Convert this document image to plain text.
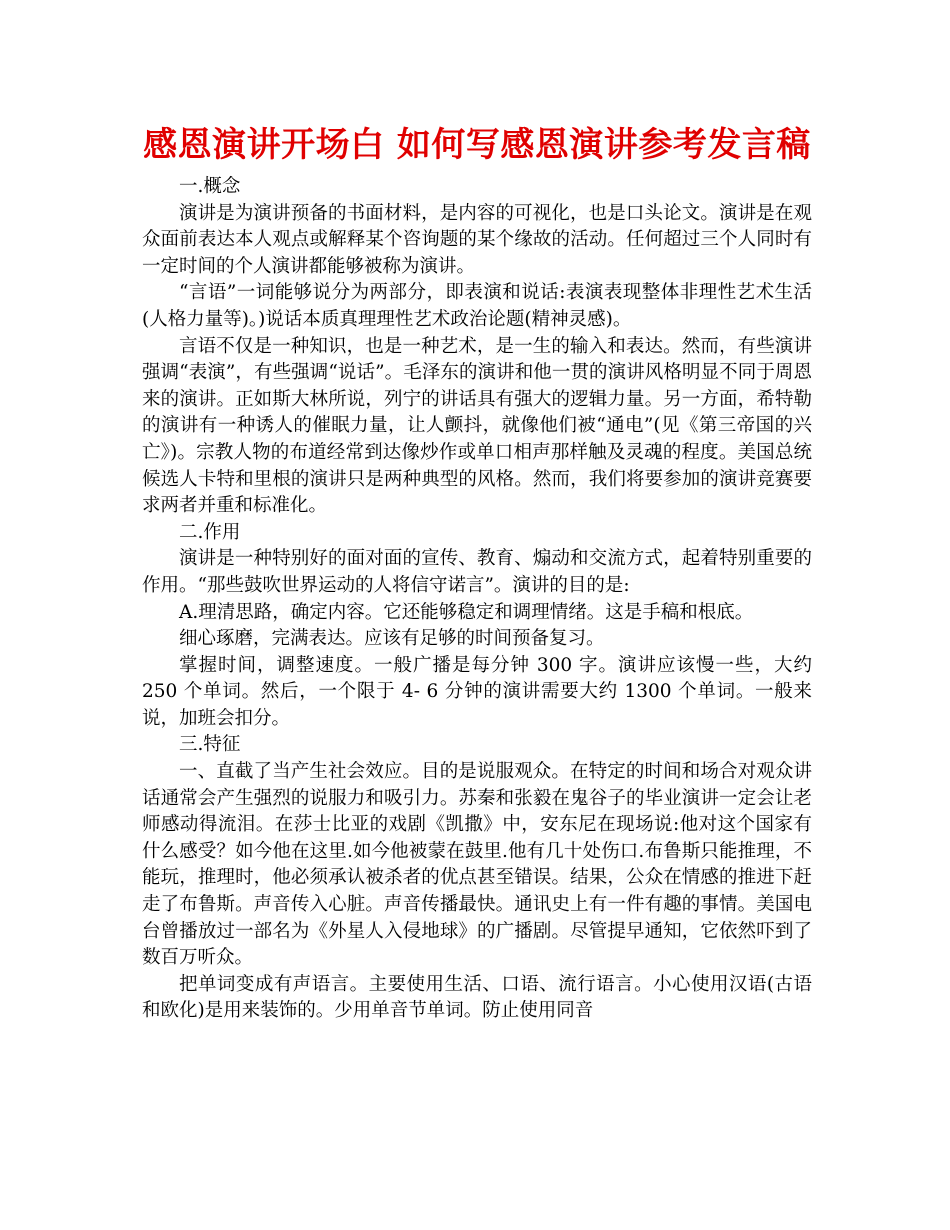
感恩演讲开场白 如何写感恩演讲参考发言稿

一.概念

演讲是为演讲预备的书面材料，是内容的可视化，也是口头论文。演讲是在观众面前表达本人观点或解释某个咨询题的某个缘故的活动。任何超过三个人同时有一定时间的个人演讲都能够被称为演讲。

“言语”一词能够说分为两部分，即表演和说话:表演表现整体非理性艺术生活(人格力量等)。)说话本质真理理性艺术政治论题(精神灵感)。

言语不仅是一种知识，也是一种艺术，是一生的输入和表达。然而，有些演讲强调“表演”，有些强调“说话”。毛泽东的演讲和他一贯的演讲风格明显不同于周恩来的演讲。正如斯大林所说，列宁的讲话具有强大的逻辑力量。另一方面，希特勒的演讲有一种诱人的催眠力量，让人颤抖，就像他们被“通电”(见《第三帝国的兴亡》)。宗教人物的布道经常到达像炒作或单口相声那样触及灵魂的程度。美国总统候选人卡特和里根的演讲只是两种典型的风格。然而，我们将要参加的演讲竞赛要求两者并重和标准化。

二.作用

演讲是一种特别好的面对面的宣传、教育、煽动和交流方式，起着特别重要的作用。“那些鼓吹世界运动的人将信守诺言”。演讲的目的是:

A.理清思路，确定内容。它还能够稳定和调理情绪。这是手稿和根底。

细心琢磨，完满表达。应该有足够的时间预备复习。

掌握时间，调整速度。一般广播是每分钟 300 字。演讲应该慢一些，大约 250 个单词。然后，一个限于 4- 6 分钟的演讲需要大约 1300 个单词。一般来说，加班会扣分。

三.特征

一、直截了当产生社会效应。目的是说服观众。在特定的时间和场合对观众讲话通常会产生强烈的说服力和吸引力。苏秦和张毅在鬼谷子的毕业演讲一定会让老师感动得流泪。在莎士比亚的戏剧《凯撒》中，安东尼在现场说:他对这个国家有什么感受？如今他在这里.如今他被蒙在鼓里.他有几十处伤口.布鲁斯只能推理，不能玩，推理时，他必须承认被杀者的优点甚至错误。结果，公众在情感的推进下赶走了布鲁斯。声音传入心脏。声音传播最快。通讯史上有一件有趣的事情。美国电台曾播放过一部名为《外星人入侵地球》的广播剧。尽管提早通知，它依然吓到了数百万听众。

把单词变成有声语言。主要使用生活、口语、流行语言。小心使用汉语(古语和欧化)是用来装饰的。少用单音节单词。防止使用同音
